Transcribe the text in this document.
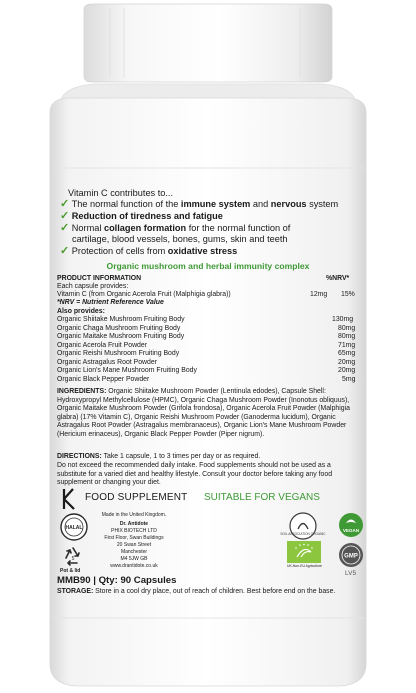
Vitamin C contributes to...
✓ The normal function of the immune system and nervous system
✓ Reduction of tiredness and fatigue
✓ Normal collagen formation for the normal function of
cartilage, blood vessels, bones, gums, skin and teeth
✓ Protection of cells from oxidative stress
Organic mushroom and herbal immunity complex
PRODUCT INFORMATION	%NRV*
Each capsule provides:
Vitamin C (from Organic Acerola Fruit (Malphigia glabra))	12mg 15%
*NRV = Nutrient Reference Value
Also provides:
Organic Shiitake Mushroom Fruiting Body	130mg
Organic Chaga Mushroom Fruiting Body	80mg
Organic Maitake Mushroom Fruiting Body	80mg
Organic Acerola Fruit Powder	71mg
Organic Reishi Mushroom Fruiting Body	65mg
Organic Astragalus Root Powder	20mg
Organic Lion's Mane Mushroom Fruiting Body	20mg
Organic Black Pepper Powder	5mg
INGREDIENTS: Organic Shiitake Mushroom Powder (Lentinula edodes), Capsule Shell: Hydroxypropyl Methylcellulose (HPMC), Organic Chaga Mushroom Powder (Inonotus obliquus), Organic Maitake Mushroom Powder (Grifola frondosa), Organic Acerola Fruit Powder (Malphigia glabra) (17% Vitamin C), Organic Reishi Mushroom Powder (Ganoderma lucidum), Organic Astragalus Root Powder (Astragalus membranaceus), Organic Lion's Mane Mushroom Powder (Hericium erinaceus), Organic Black Pepper Powder (Piper nigrum).
DIRECTIONS: Take 1 capsule, 1 to 3 times per day or as required.
Do not exceed the recommended daily intake. Food supplements should not be used as a substitute for a varied diet and healthy lifestyle. Consult your doctor before taking any food supplement or changing your diet.
FOOD SUPPLEMENT SUITABLE FOR VEGANS
HALAL
5
Pot & lid
Made in the United Kingdom.
Dr. Antidote
PHIX BIOTECH LTD
First Floor, Swan Buildings
20 Swan Street
Manchester
M4 5JW GB
www.drantidote.co.uk
SOIL ASSOCIATION ORGANIC
UK-Non-EU Agriculture
VEGAN
GMP
LV5
MMB90 | Qty: 90 Capsules
STORAGE: Store in a cool dry place, out of reach of children. Best before end on the base.
